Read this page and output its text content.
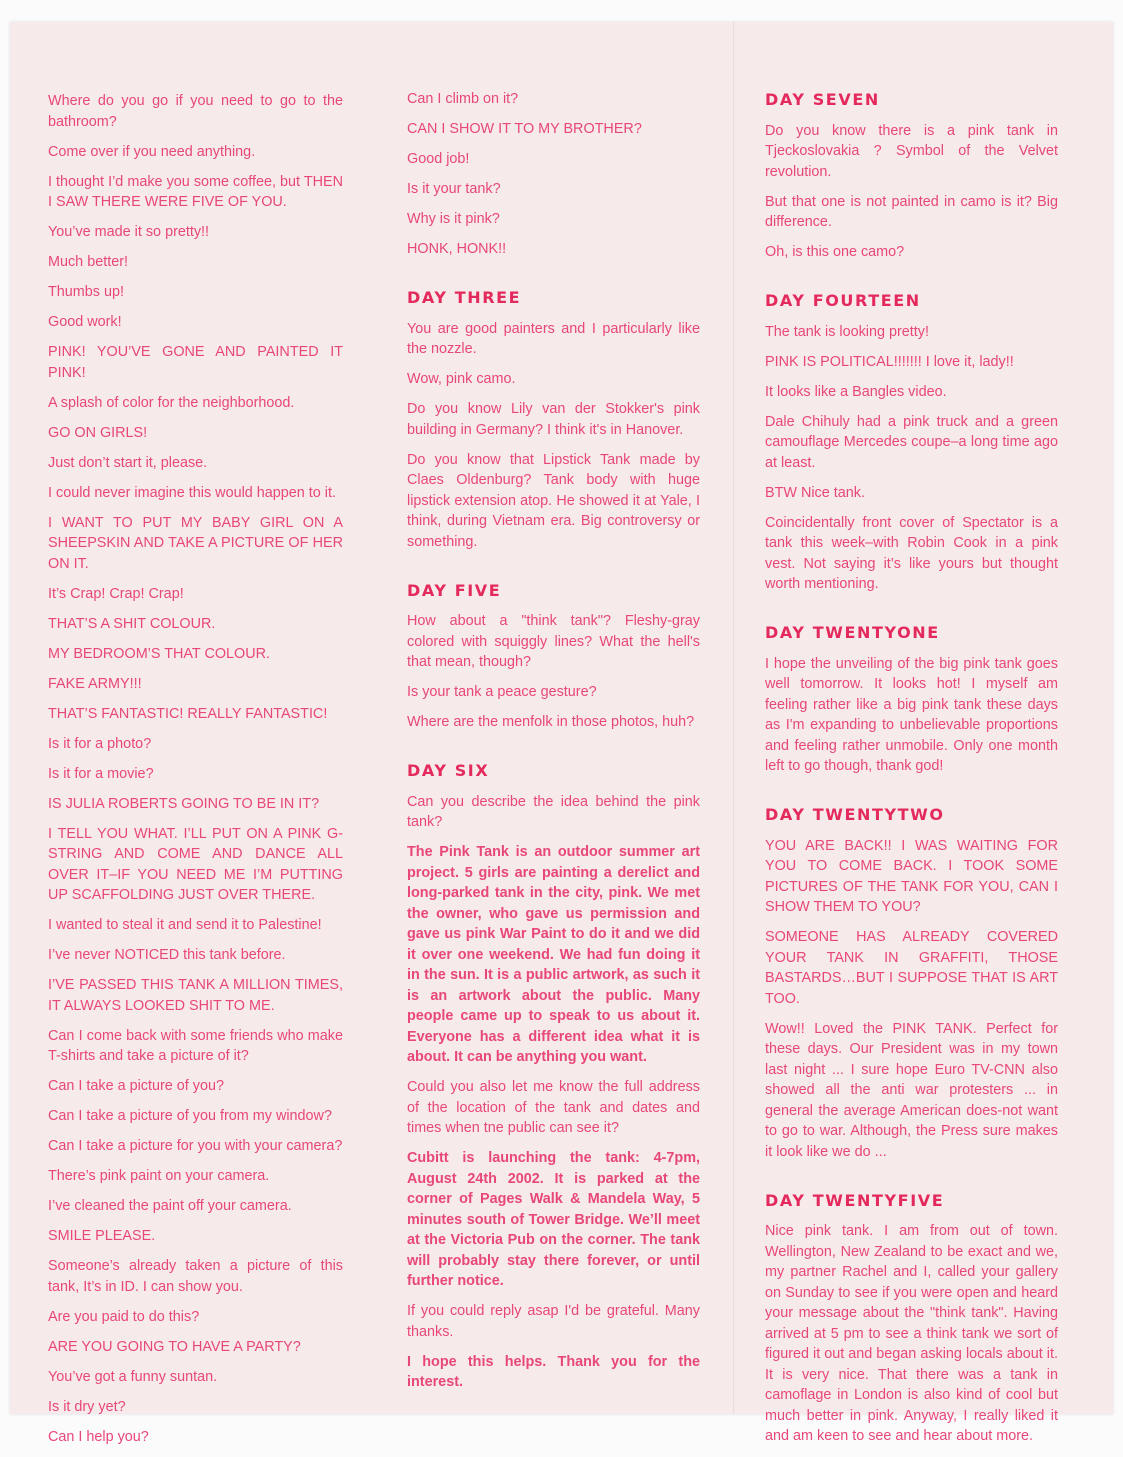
Where do you go if you need to go to the bathroom?

Come over if you need anything.

I thought I’d make you some coffee, but THEN I SAW THERE WERE FIVE OF YOU.

You’ve made it so pretty!!

Much better!

Thumbs up!

Good work!

PINK! YOU’VE GONE AND PAINTED IT PINK!

A splash of color for the neighborhood.

GO ON GIRLS!

Just don’t start it, please.

I could never imagine this would happen to it.

I WANT TO PUT MY BABY GIRL ON A SHEEPSKIN AND TAKE A PICTURE OF HER ON IT.

It’s Crap! Crap! Crap!

THAT’S A SHIT COLOUR.

MY BEDROOM’S THAT COLOUR.

FAKE ARMY!!!

THAT’S FANTASTIC! REALLY FANTASTIC!

Is it for a photo?

Is it for a movie?

IS JULIA ROBERTS GOING TO BE IN IT?

I TELL YOU WHAT. I’LL PUT ON A PINK G-STRING AND COME AND DANCE ALL OVER IT–IF YOU NEED ME I’M PUTTING UP SCAFFOLDING JUST OVER THERE.

I wanted to steal it and send it to Palestine!

I’ve never NOTICED this tank before.

I’VE PASSED THIS TANK A MILLION TIMES, IT ALWAYS LOOKED SHIT TO ME.

Can I come back with some friends who make T-shirts and take a picture of it?

Can I take a picture of you?

Can I take a picture of you from my window?

Can I take a picture for you with your camera?

There’s pink paint on your camera.

I’ve cleaned the paint off your camera.

SMILE PLEASE.

Someone’s already taken a picture of this tank, It’s in ID. I can show you.

Are you paid to do this?

ARE YOU GOING TO HAVE A PARTY?

You’ve got a funny suntan.

Is it dry yet?

Can I help you?

Can I climb on it?

CAN I SHOW IT TO MY BROTHER?

Good job!

Is it your tank?

Why is it pink?

HONK, HONK!!

DAY THREE

You are good painters and I particularly like the nozzle.

Wow, pink camo.

Do you know Lily van der Stokker's pink building in Germany? I think it's in Hanover.

Do you know that Lipstick Tank made by Claes Oldenburg? Tank body with huge lipstick extension atop. He showed it at Yale, I think, during Vietnam era. Big controversy or something.

DAY FIVE

How about a "think tank"? Fleshy-gray colored with squiggly lines? What the hell's that mean, though?

Is your tank a peace gesture?

Where are the menfolk in those photos, huh?

DAY SIX

Can you describe the idea behind the pink tank?

The Pink Tank is an outdoor summer art project. 5 girls are painting a derelict and long-parked tank in the city, pink. We met the owner, who gave us permission and gave us pink War Paint to do it and we did it over one weekend. We had fun doing it in the sun. It is a public artwork, as such it is an artwork about the public. Many people came up to speak to us about it. Everyone has a different idea what it is about. It can be anything you want.

Could you also let me know the full address of the location of the tank and dates and times when tne public can see it?

Cubitt is launching the tank: 4-7pm, August 24th 2002. It is parked at the corner of Pages Walk & Mandela Way, 5 minutes south of Tower Bridge. We’ll meet at the Victoria Pub on the corner. The tank will probably stay there forever, or until further notice.

If you could reply asap I'd be grateful. Many thanks.

I hope this helps. Thank you for the interest.

DAY SEVEN

Do you know there is a pink tank in Tjeckoslovakia ? Symbol of the Velvet revolution.

But that one is not painted in camo is it? Big difference.

Oh, is this one camo?

DAY FOURTEEN

The tank is looking pretty!

PINK IS POLITICAL!!!!!!! I love it, lady!!

It looks like a Bangles video.

Dale Chihuly had a pink truck and a green camouflage Mercedes coupe–a long time ago at least.

BTW Nice tank.

Coincidentally front cover of Spectator is a tank this week–with Robin Cook in a pink vest. Not saying it’s like yours but thought worth mentioning.

DAY TWENTYONE

I hope the unveiling of the big pink tank goes well tomorrow. It looks hot! I myself am feeling rather like a big pink tank these days as I'm expanding to unbelievable proportions and feeling rather unmobile. Only one month left to go though, thank god!

DAY TWENTYTWO

YOU ARE BACK!! I WAS WAITING FOR YOU TO COME BACK. I TOOK SOME PICTURES OF THE TANK FOR YOU, CAN I SHOW THEM TO YOU?

SOMEONE HAS ALREADY COVERED YOUR TANK IN GRAFFITI, THOSE BASTARDS…BUT I SUPPOSE THAT IS ART TOO.

Wow!! Loved the PINK TANK. Perfect for these days. Our President was in my town last night ... I sure hope Euro TV-CNN also showed all the anti war protesters ... in general the average American does-not want to go to war. Although, the Press sure makes it look like we do ...

DAY TWENTYFIVE

Nice pink tank. I am from out of town. Wellington, New Zealand to be exact and we, my partner Rachel and I, called your gallery on Sunday to see if you were open and heard your message about the "think tank". Having arrived at 5 pm to see a think tank we sort of figured it out and began asking locals about it. It is very nice. That there was a tank in camoflage in London is also kind of cool but much better in pink. Anyway, I really liked it and am keen to see and hear about more.
